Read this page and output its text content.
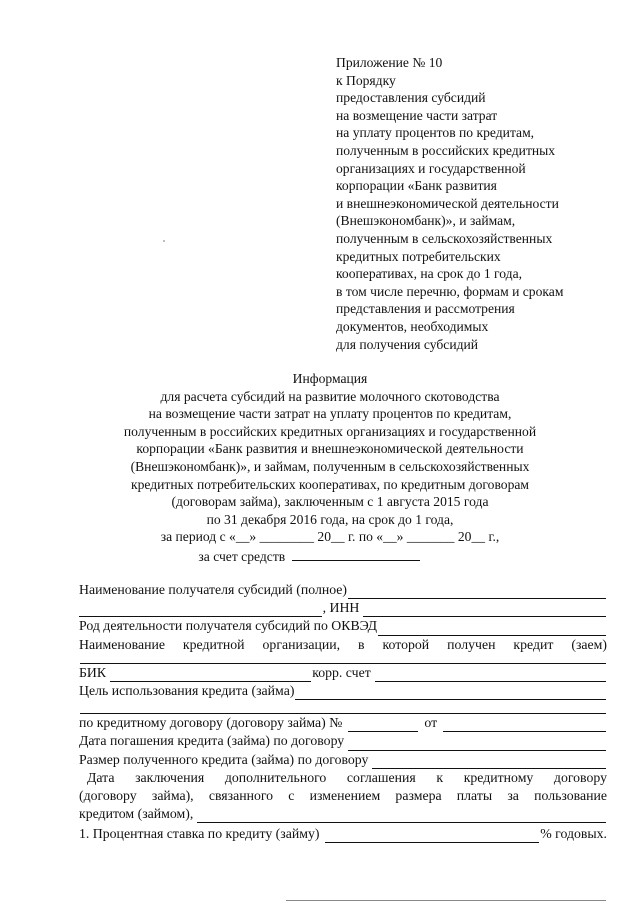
Приложение № 10
к Порядку
предоставления субсидий
на возмещение части затрат
на уплату процентов по кредитам,
полученным в российских кредитных
организациях и государственной
корпорации «Банк развития
и внешнеэкономической деятельности
(Внешэкономбанк)», и займам,
полученным в сельскохозяйственных
кредитных потребительских
кооперативах, на срок до 1 года,
в том числе перечню, формам и срокам
представления и рассмотрения
документов, необходимых
для получения субсидий
Информация
для расчета субсидий на развитие молочного скотоводства
на возмещение части затрат на уплату процентов по кредитам,
полученным в российских кредитных организациях и государственной
корпорации «Банк развития и внешнеэкономической деятельности
(Внешэкономбанк)», и займам, полученным в сельскохозяйственных
кредитных потребительских кооперативах, по кредитным договорам
(договорам займа), заключенным с 1 августа 2015 года
по 31 декабря 2016 года, на срок до 1 года,
за период с «__» ________ 20__ г. по «__» _______ 20__ г.,
за счет средств
Наименование получателя субсидий (полное)
, ИНН
Род деятельности получателя субсидий по ОКВЭД
Наименование кредитной организации, в которой получен кредит (заем)
БИК	корр. счет
Цель использования кредита (займа)
по кредитному договору (договору займа) №	от
Дата погашения кредита (займа) по договору
Размер полученного кредита (займа) по договору
Дата заключения дополнительного соглашения к кредитному договору
(договору займа), связанного с изменением размера платы за пользование
кредитом (займом),
1. Процентная ставка по кредиту (займу)	% годовых.
